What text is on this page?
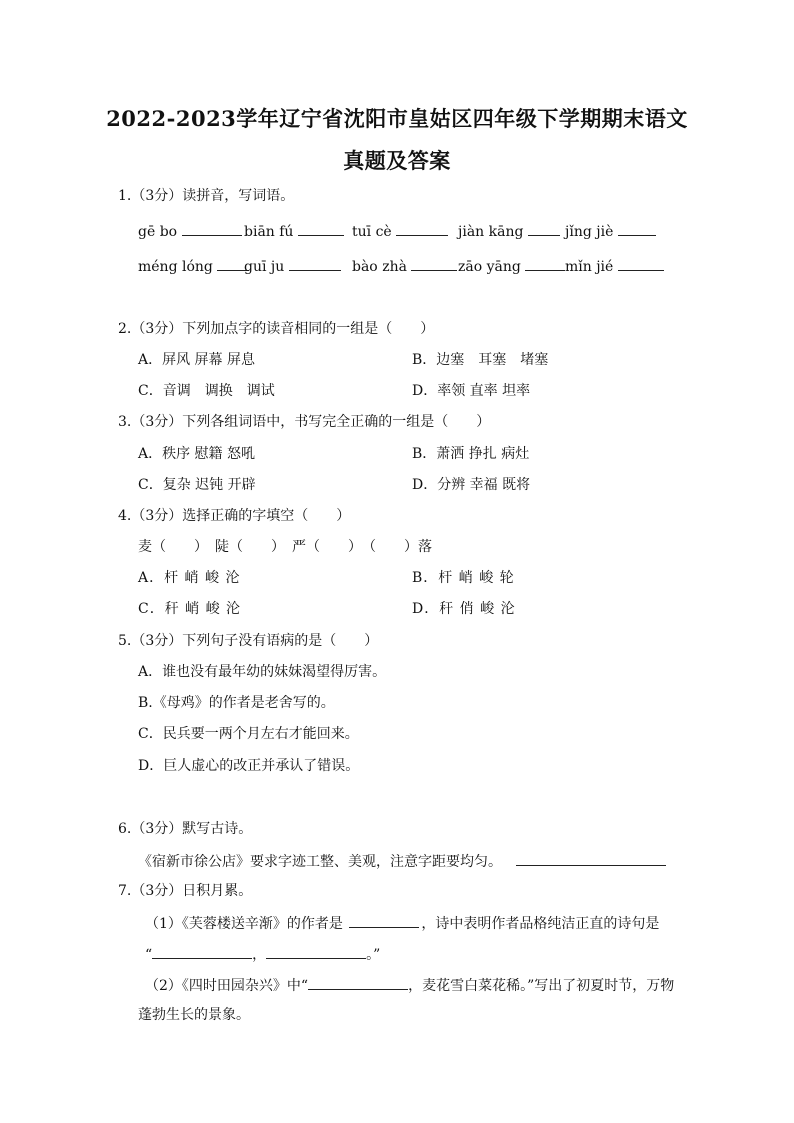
2022-2023学年辽宁省沈阳市皇姑区四年级下学期期末语文
真题及答案
1.（3分）读拼音，写词语。
gē bo	biān fú	tuī cè	jiàn kāng	jǐng jiè
méng lóng	guī ju	bào zhà	zāo yāng	mǐn jié
2.（3分）下列加点字的读音相同的一组是（　　）
A．屏风 屏幕 屏息	B．边塞　耳塞　堵塞
C．音调　调换　调试	D．率领 直率 坦率
3.（3分）下列各组词语中，书写完全正确的一组是（　　）
A．秩序 慰籍 怒吼	B．萧洒 挣扎 病灶
C．复杂 迟钝 开辟	D．分辨 幸福 既将
4.（3分）选择正确的字填空（　　）
麦（　　）　陡（　　）　严（　　）　（　　）落
A．杆 峭 峻 沦	B．杆 峭 峻 轮
C．秆 峭 峻 沦	D．秆 俏 峻 沦
5.（3分）下列句子没有语病的是（　　）
A．谁也没有最年幼的妹妹渴望得厉害。
B.《母鸡》的作者是老舍写的。
C．民兵要一两个月左右才能回来。
D．巨人虚心的改正并承认了错误。
6.（3分）默写古诗。
《宿新市徐公店》要求字迹工整、美观，注意字距要均匀。
7.（3分）日积月累。
（1）《芙蓉楼送辛渐》的作者是	，诗中表明作者品格纯洁正直的诗句是
“	，	。”
（2）《四时田园杂兴》中“	，麦花雪白菜花稀。”写出了初夏时节，万物
蓬勃生长的景象。
